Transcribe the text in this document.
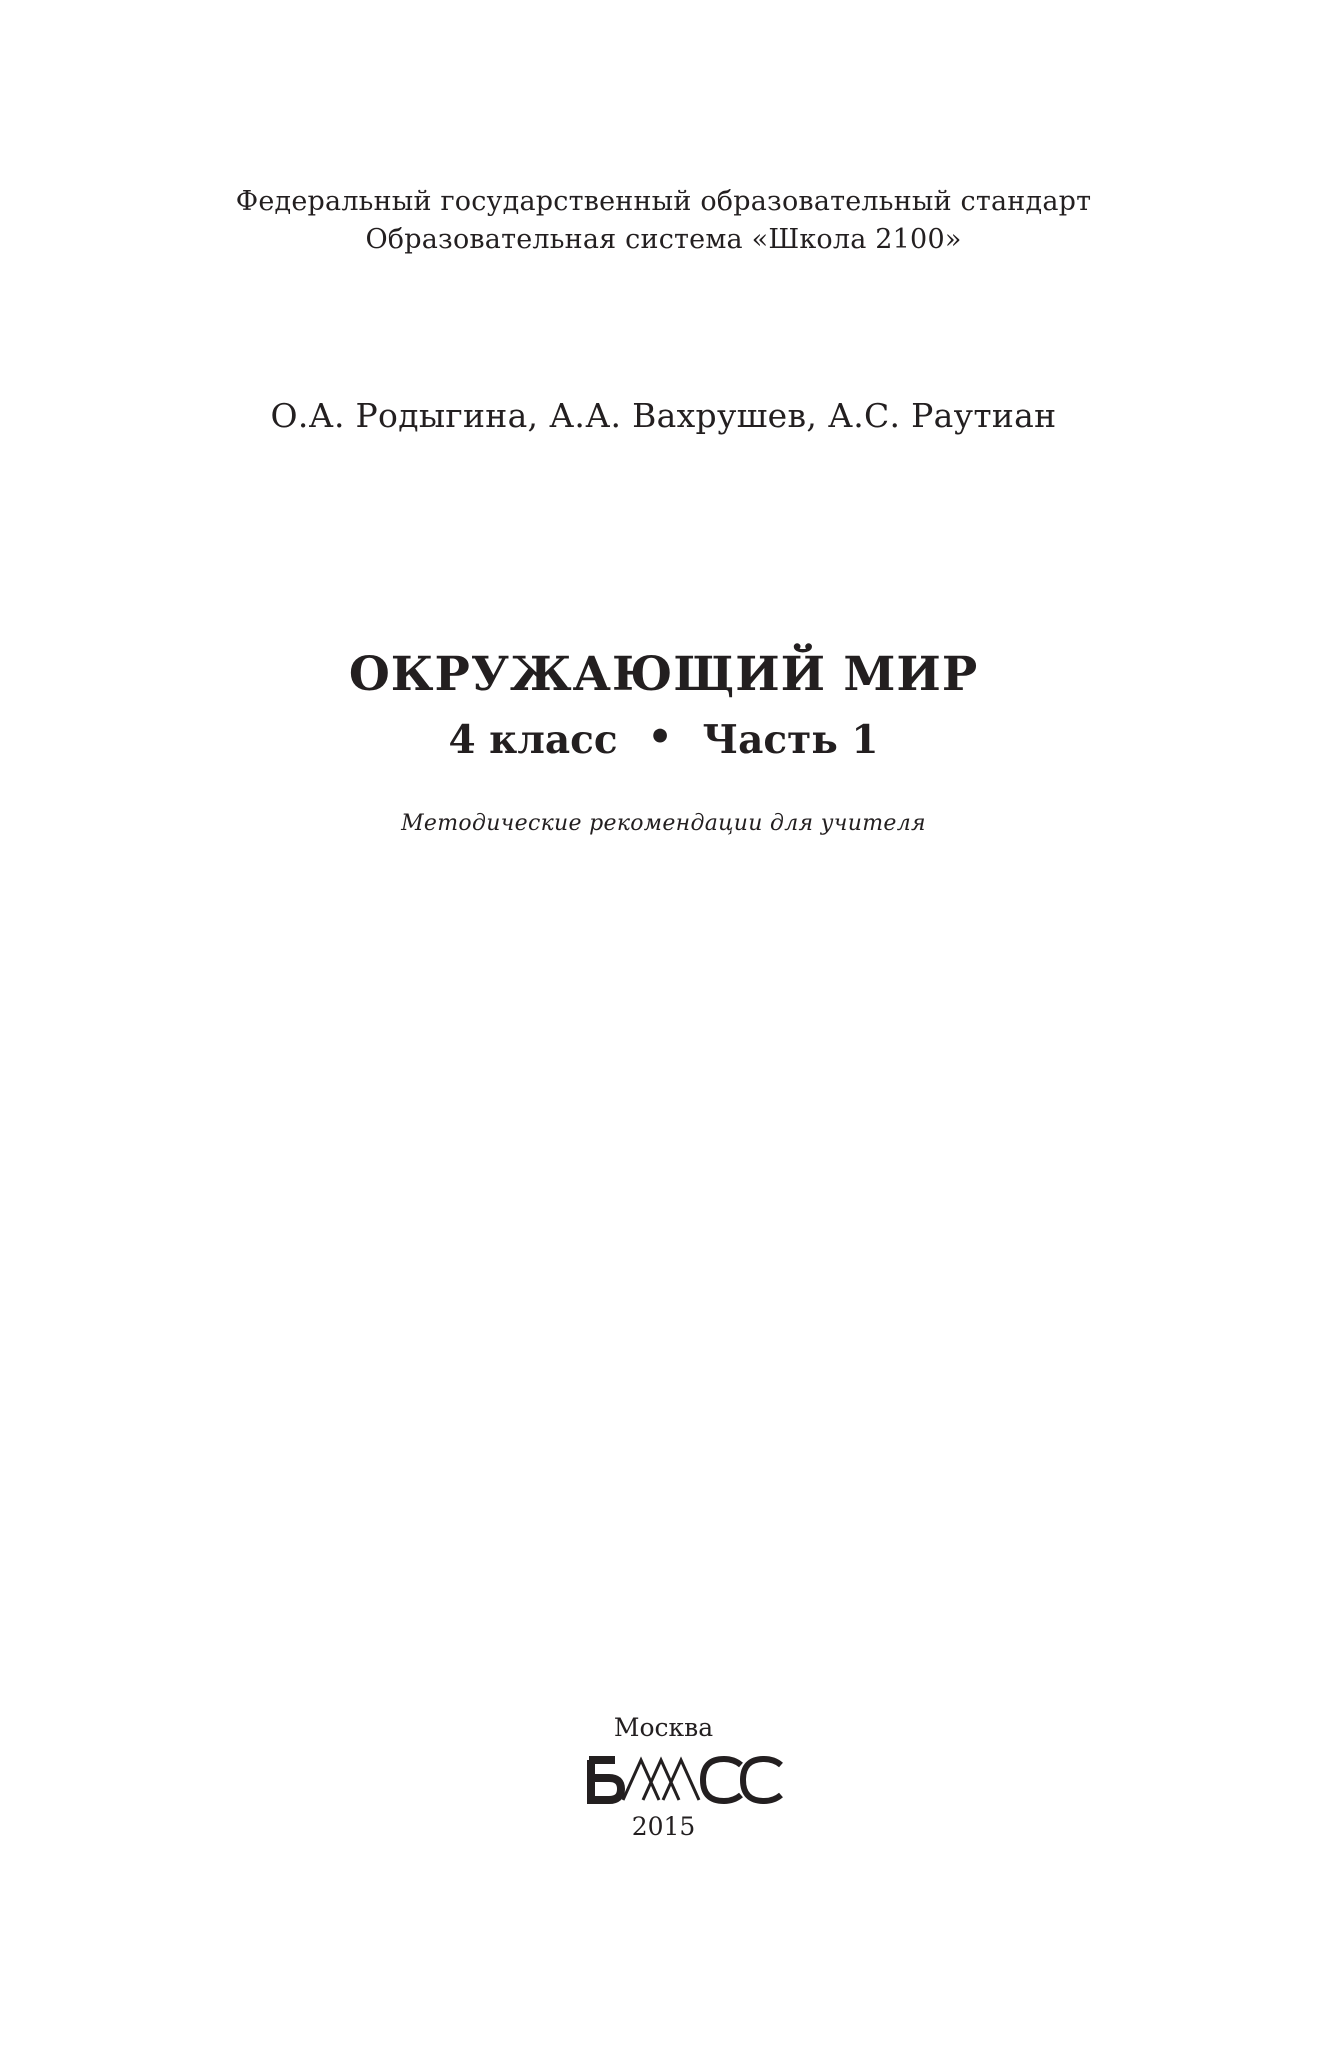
Федеральный государственный образовательный стандарт
Образовательная система «Школа 2100»
О.А. Родыгина, А.А. Вахрушев, А.С. Раутиан
ОКРУЖАЮЩИЙ МИР
4 класс • Часть 1
Методические рекомендации для учителя
Москва
2015
